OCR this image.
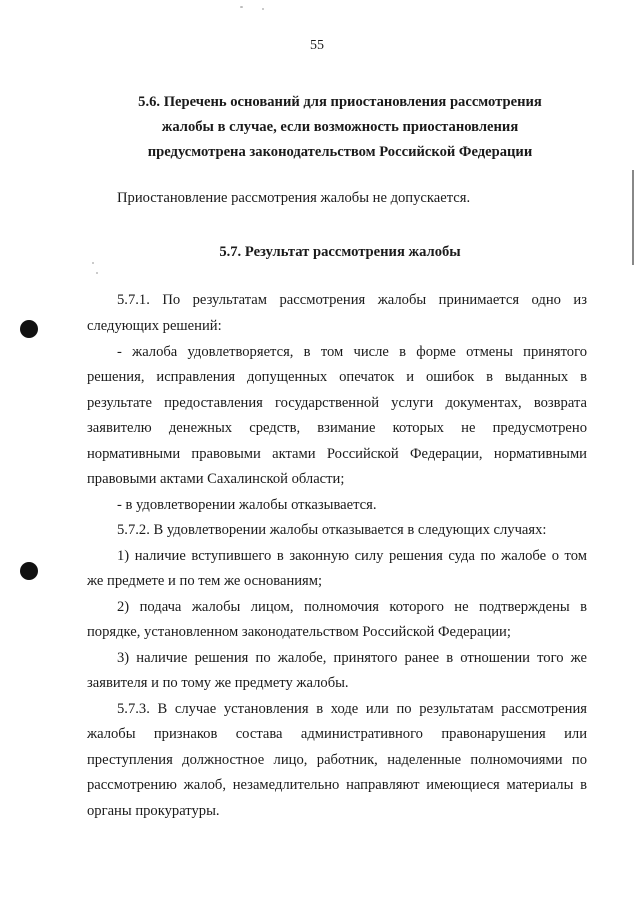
55
5.6. Перечень оснований для приостановления рассмотрения
жалобы в случае, если возможность приостановления
предусмотрена законодательством Российской Федерации
Приостановление рассмотрения жалобы не допускается.
5.7. Результат рассмотрения жалобы
5.7.1. По результатам рассмотрения жалобы принимается одно из
следующих решений:
- жалоба удовлетворяется, в том числе в форме отмены принятого
решения, исправления допущенных опечаток и ошибок в выданных в
результате предоставления государственной услуги документах, возврата
заявителю денежных средств, взимание которых не предусмотрено
нормативными правовыми актами Российской Федерации, нормативными
правовыми актами Сахалинской области;
- в удовлетворении жалобы отказывается.
5.7.2. В удовлетворении жалобы отказывается в следующих случаях:
1) наличие вступившего в законную силу решения суда по жалобе о том
же предмете и по тем же основаниям;
2) подача жалобы лицом, полномочия которого не подтверждены в
порядке, установленном законодательством Российской Федерации;
3) наличие решения по жалобе, принятого ранее в отношении того же
заявителя и по тому же предмету жалобы.
5.7.3. В случае установления в ходе или по результатам рассмотрения
жалобы признаков состава административного правонарушения или
преступления должностное лицо, работник, наделенные полномочиями по
рассмотрению жалоб, незамедлительно направляют имеющиеся материалы в
органы прокуратуры.
